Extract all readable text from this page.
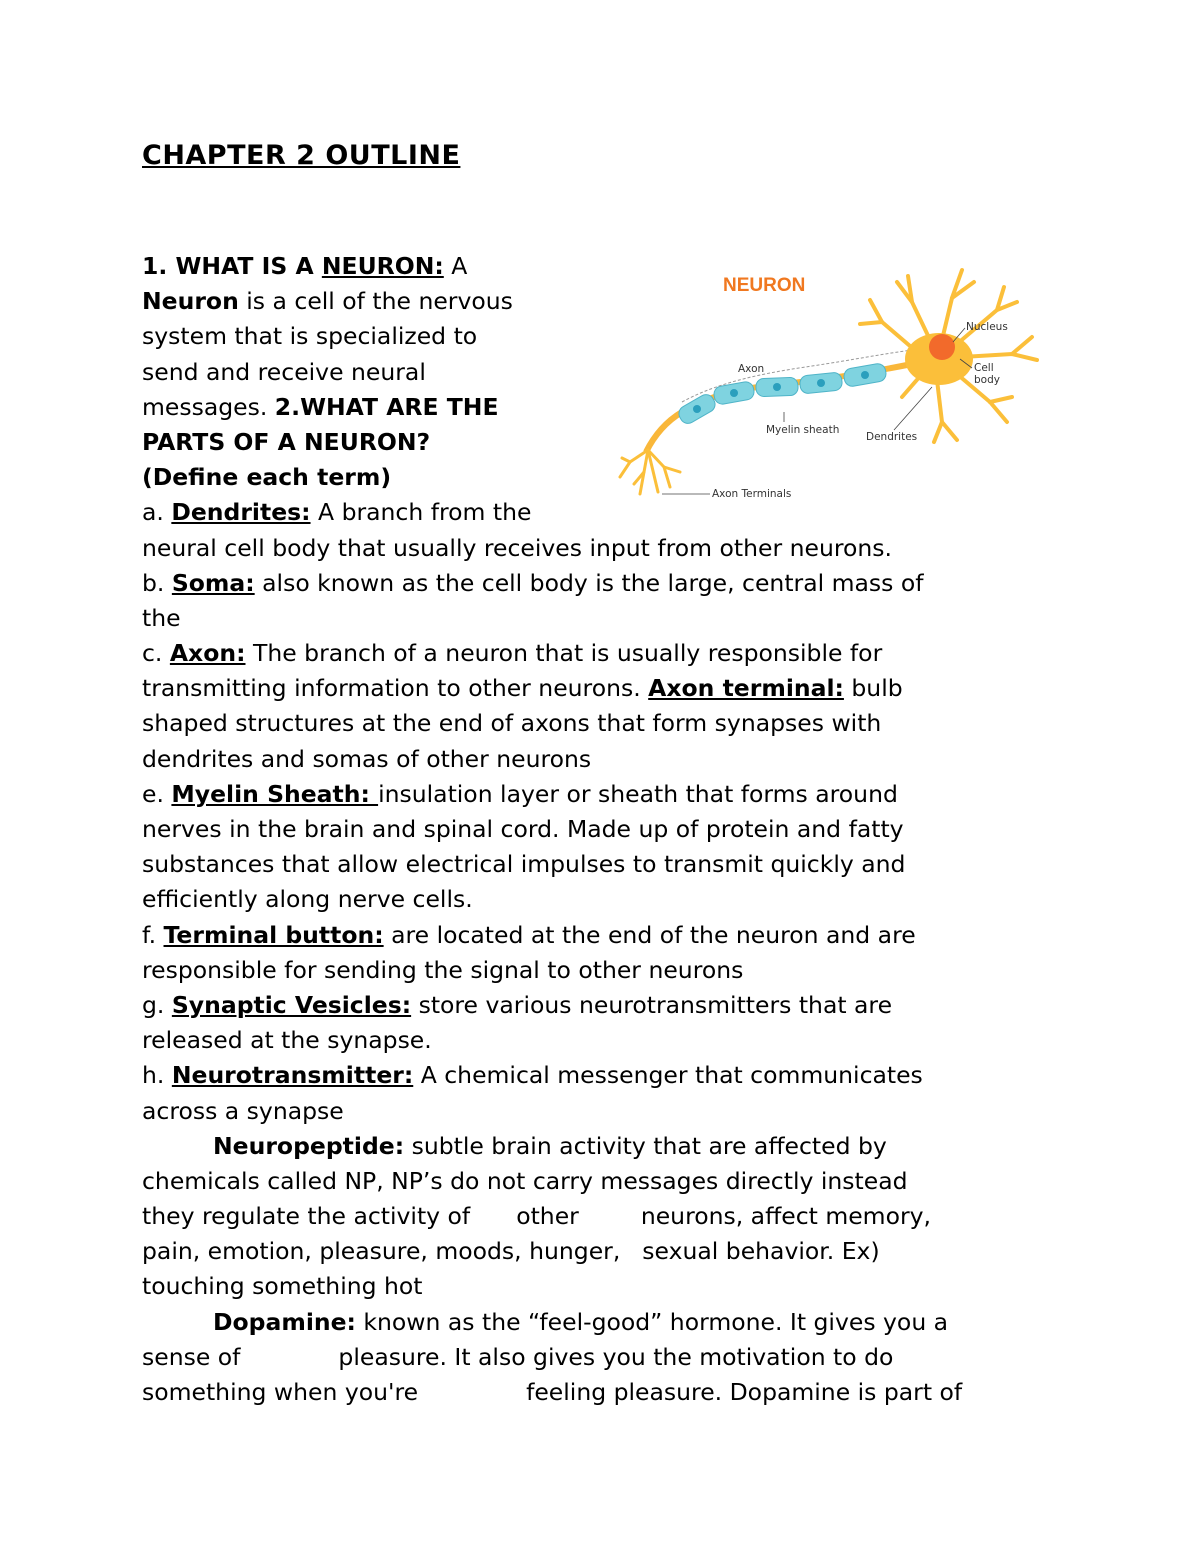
CHAPTER 2 OUTLINE
NEURON
Nucleus
Cell
body
Axon
Myelin sheath
Dendrites
Axon Terminals
1. WHAT IS A NEURON: A
Neuron is a cell of the nervous
system that is specialized to
send and receive neural
messages. 2.WHAT ARE THE
PARTS OF A NEURON?
(Define each term)
a. Dendrites: A branch from the
neural cell body that usually receives input from other neurons.
b. Soma: also known as the cell body is the large, central mass of
the
c. Axon: The branch of a neuron that is usually responsible for
transmitting information to other neurons. Axon terminal: bulb
shaped structures at the end of axons that form synapses with
dendrites and somas of other neurons
e. Myelin Sheath: insulation layer or sheath that forms around
nerves in the brain and spinal cord. Made up of protein and fatty
substances that allow electrical impulses to transmit quickly and
efficiently along nerve cells.
f. Terminal button: are located at the end of the neuron and are
responsible for sending the signal to other neurons
g. Synaptic Vesicles: store various neurotransmitters that are
released at the synapse.
h. Neurotransmitter: A chemical messenger that communicates
across a synapse
Neuropeptide: subtle brain activity that are affected by
chemicals called NP, NP’s do not carry messages directly instead
they regulate the activity of other	neurons, affect memory,
pain, emotion, pleasure, moods, hunger, sexual behavior. Ex)
touching something hot
Dopamine: known as the “feel-good” hormone. It gives you a
sense of	pleasure. It also gives you the motivation to do
something when you're	feeling pleasure. Dopamine is part of
